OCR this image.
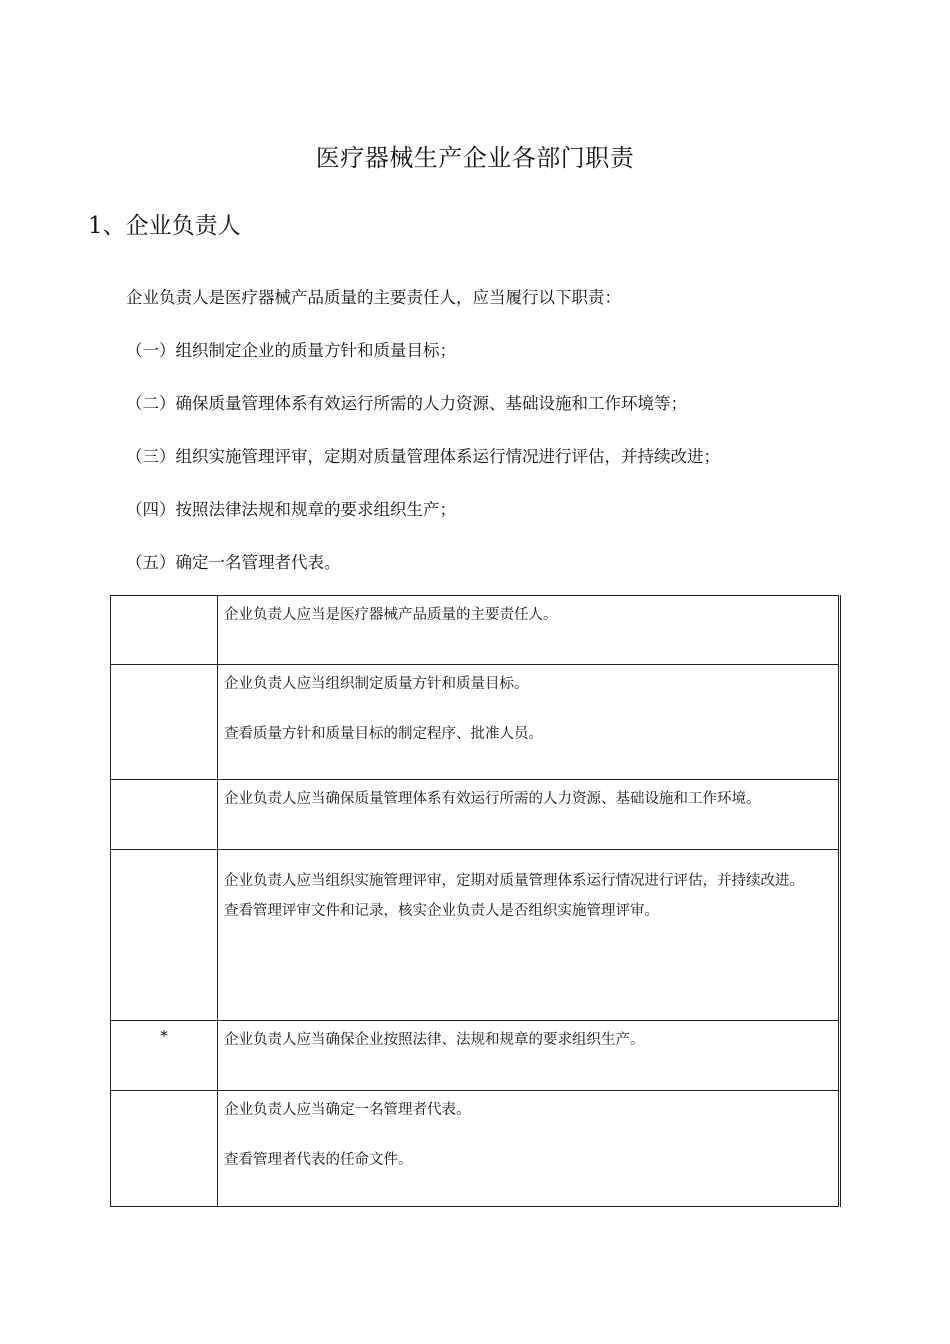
医疗器械生产企业各部门职责
1、企业负责人
企业负责人是医疗器械产品质量的主要责任人，应当履行以下职责：
（一）组织制定企业的质量方针和质量目标；
（二）确保质量管理体系有效运行所需的人力资源、基础设施和工作环境等；
（三）组织实施管理评审，定期对质量管理体系运行情况进行评估，并持续改进；
（四）按照法律法规和规章的要求组织生产；
（五）确定一名管理者代表。

	企业负责人应当是医疗器械产品质量的主要责任人。

	企业负责人应当组织制定质量方针和质量目标。
查看质量方针和质量目标的制定程序、批准人员。

	企业负责人应当确保质量管理体系有效运行所需的人力资源、基础设施和工作环境。

	企业负责人应当组织实施管理评审，定期对质量管理体系运行情况进行评估，并持续改进。
查看管理评审文件和记录，核实企业负责人是否组织实施管理评审。

*	企业负责人应当确保企业按照法律、法规和规章的要求组织生产。

	企业负责人应当确定一名管理者代表。
查看管理者代表的任命文件。
